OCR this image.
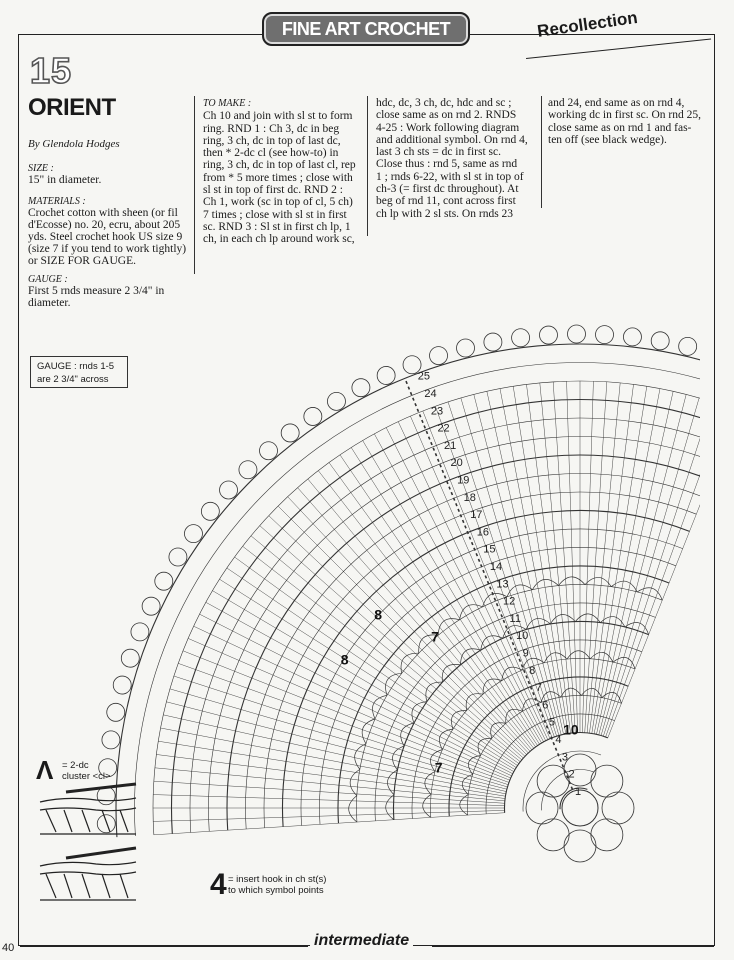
FINE ART CROCHET	Recollection
15
ORIENT
By Glendola Hodges
SIZE :
15" in diameter.
MATERIALS :
Crochet cotton with sheen (or fil d'Ecosse) no. 20, ecru, about 205 yds. Steel crochet hook US size 9 (size 7 if you tend to work tightly) or SIZE FOR GAUGE.
GAUGE :
First 5 rnds measure 2 3/4" in diameter.
GAUGE : rnds 1-5
are 2 3/4" across
TO MAKE :
Ch 10 and join with sl st to form
ring. RND 1 : Ch 3, dc in beg
ring, 3 ch, dc in top of last dc,
then * 2-dc cl (see how-to) in
ring, 3 ch, dc in top of last cl, rep
from * 5 more times ; close with
sl st in top of first dc. RND 2 :
Ch 1, work (sc in top of cl, 5 ch)
7 times ; close with sl st in first
sc. RND 3 : Sl st in first ch lp, 1
ch, in each ch lp around work sc,
hdc, dc, 3 ch, dc, hdc and sc ;
close same as on rnd 2. RNDS
4-25 : Work following diagram
and additional symbol. On rnd 4,
last 3 ch sts = dc in first sc.
Close thus : rnd 5, same as rnd
1 ; rnds 6-22, with sl st in top of
ch-3 (= first dc throughout). At
beg of rnd 11, cont across first
ch lp with 2 sl sts. On rnds 23
and 24, end same as on rnd 4,
working dc in first sc. On rnd 25,
close same as on rnd 1 and fas-
ten off (see black wedge).
25
24
23
22
21
20
19
18
17
16
15
14
13
12
11
10
9
8
7
6
5
4
3
2
1
8
8
7
7
10
Ʌ = 2-dc
cluster <cl>
4 = insert hook in ch st(s)
to which symbol points
40	intermediate
